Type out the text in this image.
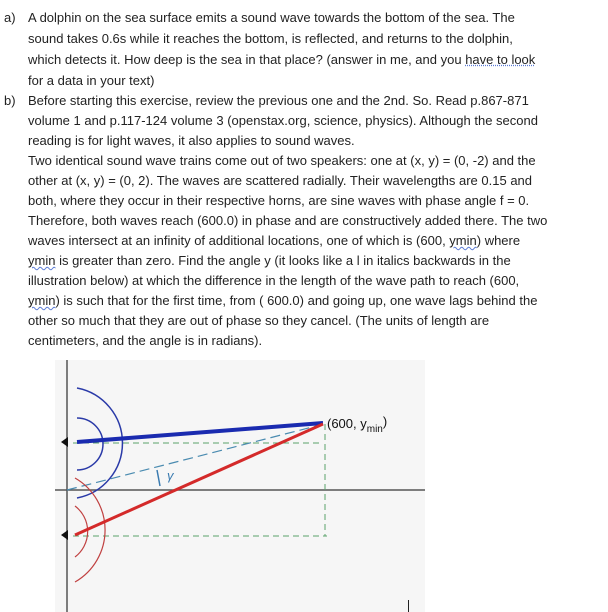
a) A dolphin on the sea surface emits a sound wave towards the bottom of the sea. The
sound takes 0.6s while it reaches the bottom, is reflected, and returns to the dolphin,
which detects it. How deep is the sea in that place? (answer in me, and you have to look
for a data in your text)
b) Before starting this exercise, review the previous one and the 2nd. So. Read p.867-871
volume 1 and p.117-124 volume 3 (openstax.org, science, physics). Although the second
reading is for light waves, it also applies to sound waves.
Two identical sound wave trains come out of two speakers: one at (x, y) = (0, -2) and the
other at (x, y) = (0, 2). The waves are scattered radially. Their wavelengths are 0.15 and
both, where they occur in their respective horns, are sine waves with phase angle f = 0.
Therefore, both waves reach (600.0) in phase and are constructively added there. The two
waves intersect at an infinity of additional locations, one of which is (600, ymin) where
ymin is greater than zero. Find the angle y (it looks like a l in italics backwards in the
illustration below) at which the difference in the length of the wave path to reach (600,
ymin) is such that for the first time, from ( 600.0) and going up, one wave lags behind the
other so much that they are out of phase so they cancel. (The units of length are
centimeters, and the angle is in radians).
γ
(600, $y_{min}$)
